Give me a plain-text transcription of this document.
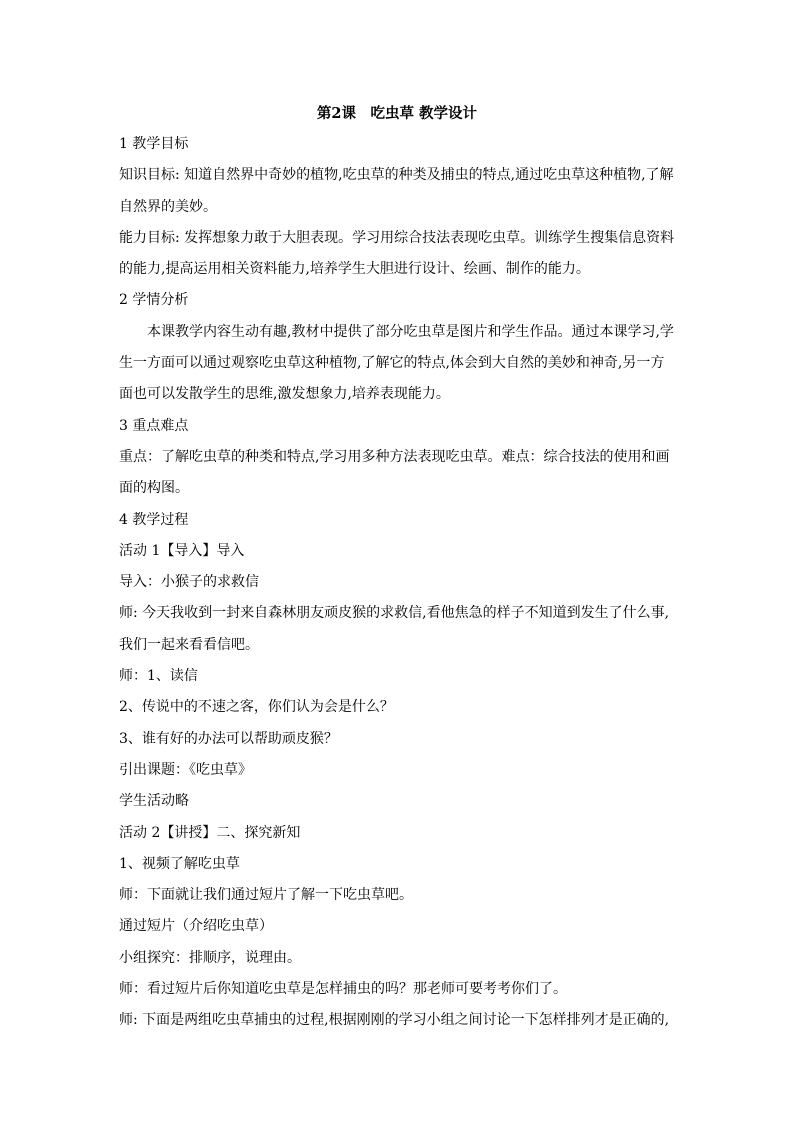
第2课　吃虫草 教学设计
1 教学目标
知识目标: 知道自然界中奇妙的植物,吃虫草的种类及捕虫的特点,通过吃虫草这种植物,了解
自然界的美妙。
能力目标: 发挥想象力敢于大胆表现。学习用综合技法表现吃虫草。训练学生搜集信息资料
的能力,提高运用相关资料能力,培养学生大胆进行设计、绘画、制作的能力。
2 学情分析
本课教学内容生动有趣,教材中提供了部分吃虫草是图片和学生作品。通过本课学习,学
生一方面可以通过观察吃虫草这种植物,了解它的特点,体会到大自然的美妙和神奇,另一方
面也可以发散学生的思维,激发想象力,培养表现能力。
3 重点难点
重点：了解吃虫草的种类和特点,学习用多种方法表现吃虫草。难点：综合技法的使用和画
面的构图。
4 教学过程
活动 1【导入】导入
导入：小猴子的求救信
师: 今天我收到一封来自森林朋友顽皮猴的求救信,看他焦急的样子不知道到发生了什么事,
我们一起来看看信吧。
师：1、读信
2、传说中的不速之客，你们认为会是什么？
3、谁有好的办法可以帮助顽皮猴？
引出课题：《吃虫草》
学生活动略
活动 2【讲授】二、探究新知
1、视频了解吃虫草
师：下面就让我们通过短片了解一下吃虫草吧。
通过短片（介绍吃虫草）
小组探究：排顺序，说理由。
师：看过短片后你知道吃虫草是怎样捕虫的吗？那老师可要考考你们了。
师: 下面是两组吃虫草捕虫的过程,根据刚刚的学习小组之间讨论一下怎样排列才是正确的,
